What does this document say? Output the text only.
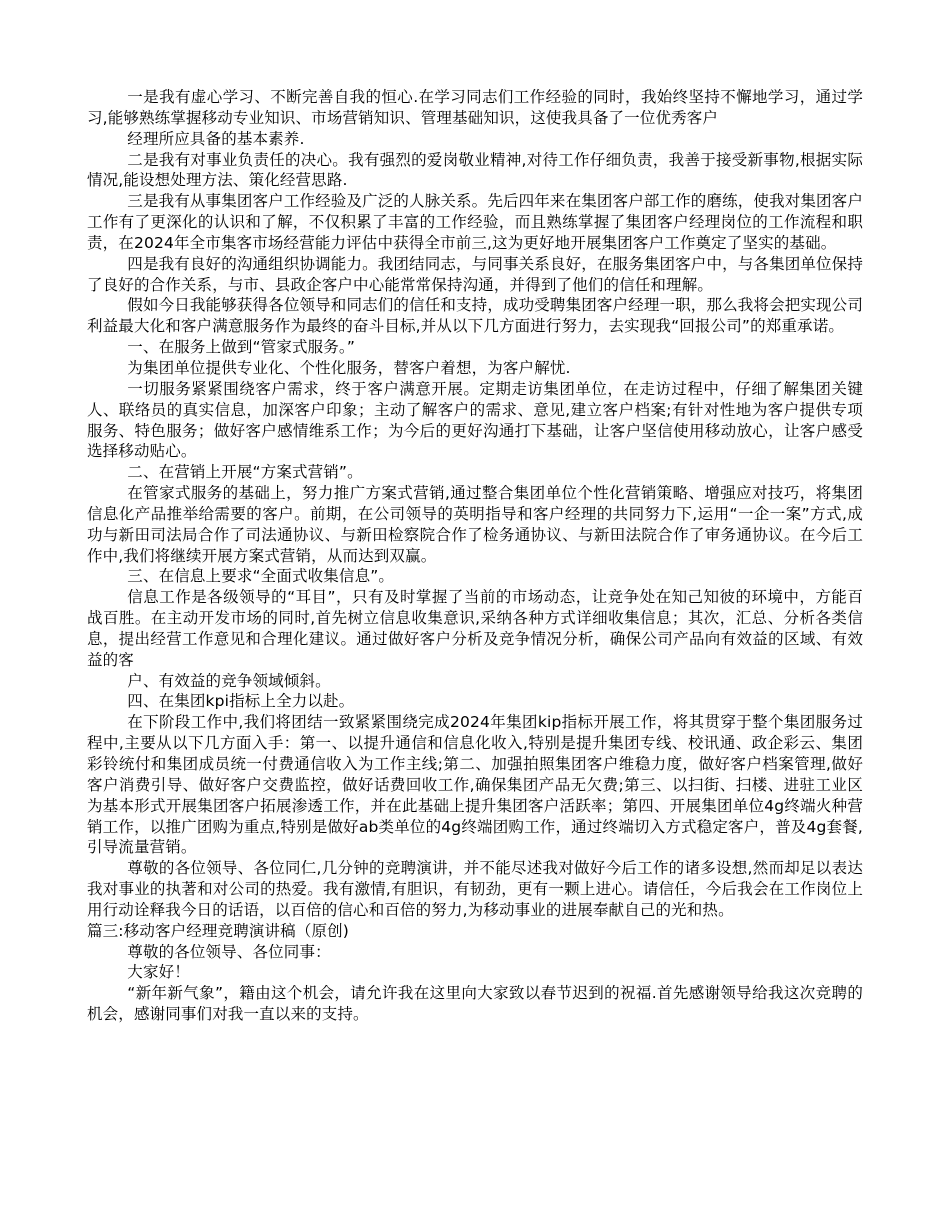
一是我有虚心学习、不断完善自我的恒心.在学习同志们工作经验的同时，我始终坚持不懈地学习，通过学习,能够熟练掌握移动专业知识、市场营销知识、管理基础知识，这使我具备了一位优秀客户

经理所应具备的基本素养.

二是我有对事业负责任的决心。我有强烈的爱岗敬业精神,对待工作仔细负责，我善于接受新事物,根据实际情况,能设想处理方法、策化经营思路.

三是我有从事集团客户工作经验及广泛的人脉关系。先后四年来在集团客户部工作的磨练，使我对集团客户工作有了更深化的认识和了解，不仅积累了丰富的工作经验，而且熟练掌握了集团客户经理岗位的工作流程和职责，在2024年全市集客市场经营能力评估中获得全市前三,这为更好地开展集团客户工作奠定了坚实的基础。

四是我有良好的沟通组织协调能力。我团结同志，与同事关系良好，在服务集团客户中，与各集团单位保持了良好的合作关系，与市、县政企客户中心能常常保持沟通，并得到了他们的信任和理解。

假如今日我能够获得各位领导和同志们的信任和支持，成功受聘集团客户经理一职，那么我将会把实现公司利益最大化和客户满意服务作为最终的奋斗目标,并从以下几方面进行努力，去实现我“回报公司”的郑重承诺。

一、在服务上做到“管家式服务。”

为集团单位提供专业化、个性化服务，替客户着想，为客户解忧.

一切服务紧紧围绕客户需求，终于客户满意开展。定期走访集团单位，在走访过程中，仔细了解集团关键人、联络员的真实信息，加深客户印象；主动了解客户的需求、意见,建立客户档案;有针对性地为客户提供专项服务、特色服务；做好客户感情维系工作；为今后的更好沟通打下基础，让客户坚信使用移动放心，让客户感受选择移动贴心。

二、在营销上开展“方案式营销”。

在管家式服务的基础上，努力推广方案式营销,通过整合集团单位个性化营销策略、增强应对技巧，将集团信息化产品推举给需要的客户。前期，在公司领导的英明指导和客户经理的共同努力下,运用“一企一案”方式,成功与新田司法局合作了司法通协议、与新田检察院合作了检务通协议、与新田法院合作了审务通协议。在今后工作中,我们将继续开展方案式营销，从而达到双赢。

三、在信息上要求“全面式收集信息”。

信息工作是各级领导的“耳目”，只有及时掌握了当前的市场动态，让竞争处在知己知彼的环境中，方能百战百胜。在主动开发市场的同时,首先树立信息收集意识,采纳各种方式详细收集信息；其次，汇总、分析各类信息，提出经营工作意见和合理化建议。通过做好客户分析及竞争情况分析，确保公司产品向有效益的区域、有效益的客

户、有效益的竞争领域倾斜。

四、在集团kpi指标上全力以赴。

在下阶段工作中,我们将团结一致紧紧围绕完成2024年集团kip指标开展工作，将其贯穿于整个集团服务过程中,主要从以下几方面入手：第一、以提升通信和信息化收入,特别是提升集团专线、校讯通、政企彩云、集团彩铃统付和集团成员统一付费通信收入为工作主线;第二、加强拍照集团客户维稳力度，做好客户档案管理,做好客户消费引导、做好客户交费监控，做好话费回收工作,确保集团产品无欠费;第三、以扫街、扫楼、进驻工业区为基本形式开展集团客户拓展渗透工作，并在此基础上提升集团客户活跃率；第四、开展集团单位4g终端火种营销工作，以推广团购为重点,特别是做好ab类单位的4g终端团购工作，通过终端切入方式稳定客户，普及4g套餐,引导流量营销。

尊敬的各位领导、各位同仁,几分钟的竞聘演讲，并不能尽述我对做好今后工作的诸多设想,然而却足以表达我对事业的执著和对公司的热爱。我有激情,有胆识，有韧劲，更有一颗上进心。请信任，今后我会在工作岗位上用行动诠释我今日的话语，以百倍的信心和百倍的努力,为移动事业的进展奉献自己的光和热。

篇三:移动客户经理竞聘演讲稿（原创)

尊敬的各位领导、各位同事：

大家好！

“新年新气象”，籍由这个机会，请允许我在这里向大家致以春节迟到的祝福.首先感谢领导给我这次竞聘的机会，感谢同事们对我一直以来的支持。
